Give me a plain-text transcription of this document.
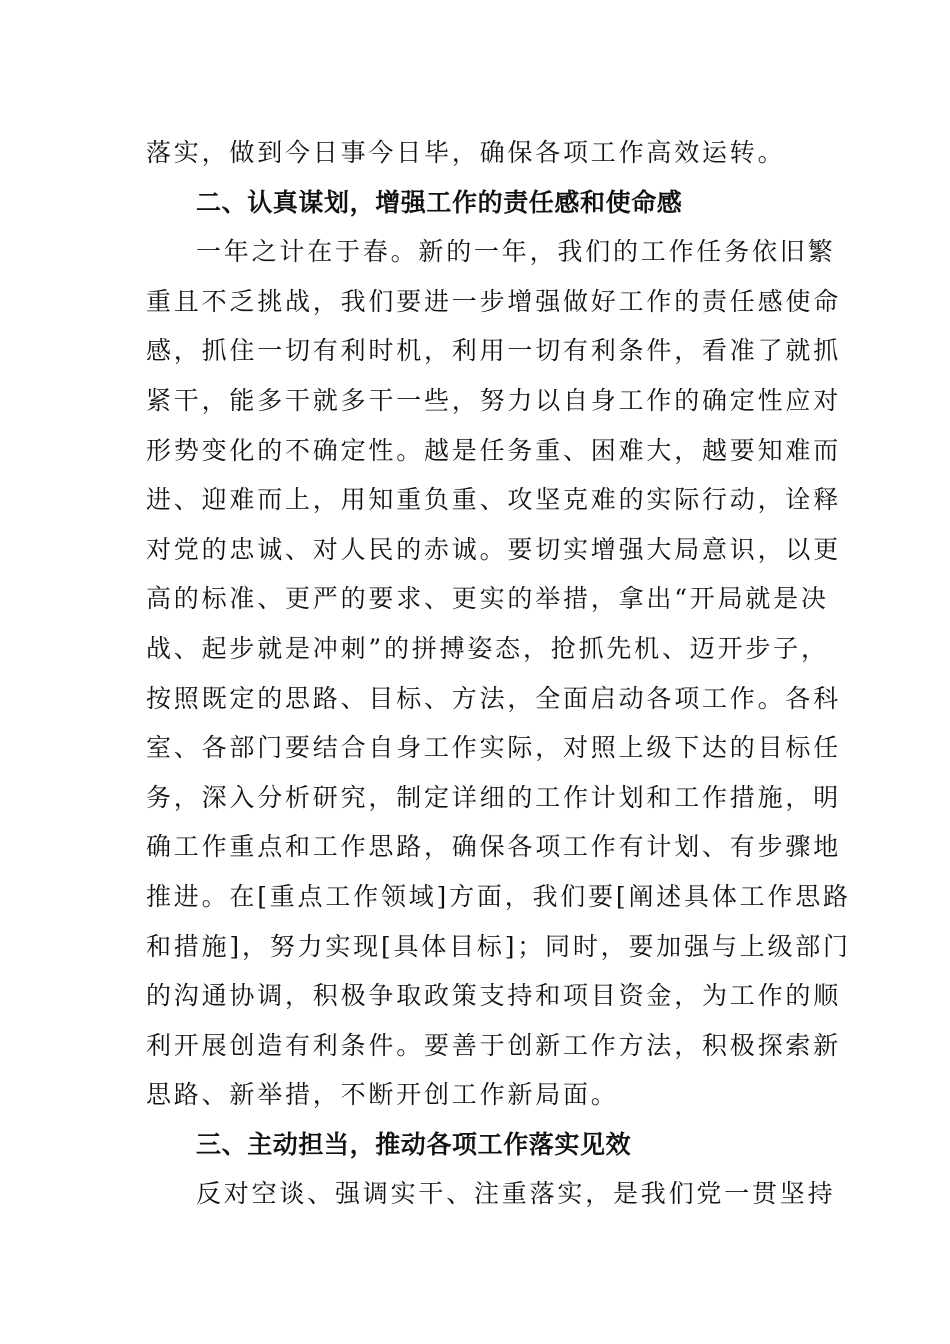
落实，做到今日事今日毕，确保各项工作高效运转。
二、认真谋划，增强工作的责任感和使命感
一年之计在于春。新的一年，我们的工作任务依旧繁
重且不乏挑战，我们要进一步增强做好工作的责任感使命
感，抓住一切有利时机，利用一切有利条件，看准了就抓
紧干，能多干就多干一些，努力以自身工作的确定性应对
形势变化的不确定性。越是任务重、困难大，越要知难而
进、迎难而上，用知重负重、攻坚克难的实际行动，诠释
对党的忠诚、对人民的赤诚。要切实增强大局意识，以更
高的标准、更严的要求、更实的举措，拿出“开局就是决
战、起步就是冲刺”的拼搏姿态，抢抓先机、迈开步子，
按照既定的思路、目标、方法，全面启动各项工作。各科
室、各部门要结合自身工作实际，对照上级下达的目标任
务，深入分析研究，制定详细的工作计划和工作措施，明
确工作重点和工作思路，确保各项工作有计划、有步骤地
推进。在[重点工作领域]方面，我们要[阐述具体工作思路
和措施]，努力实现[具体目标]；同时，要加强与上级部门
的沟通协调，积极争取政策支持和项目资金，为工作的顺
利开展创造有利条件。要善于创新工作方法，积极探索新
思路、新举措，不断开创工作新局面。
三、主动担当，推动各项工作落实见效
反对空谈、强调实干、注重落实，是我们党一贯坚持
